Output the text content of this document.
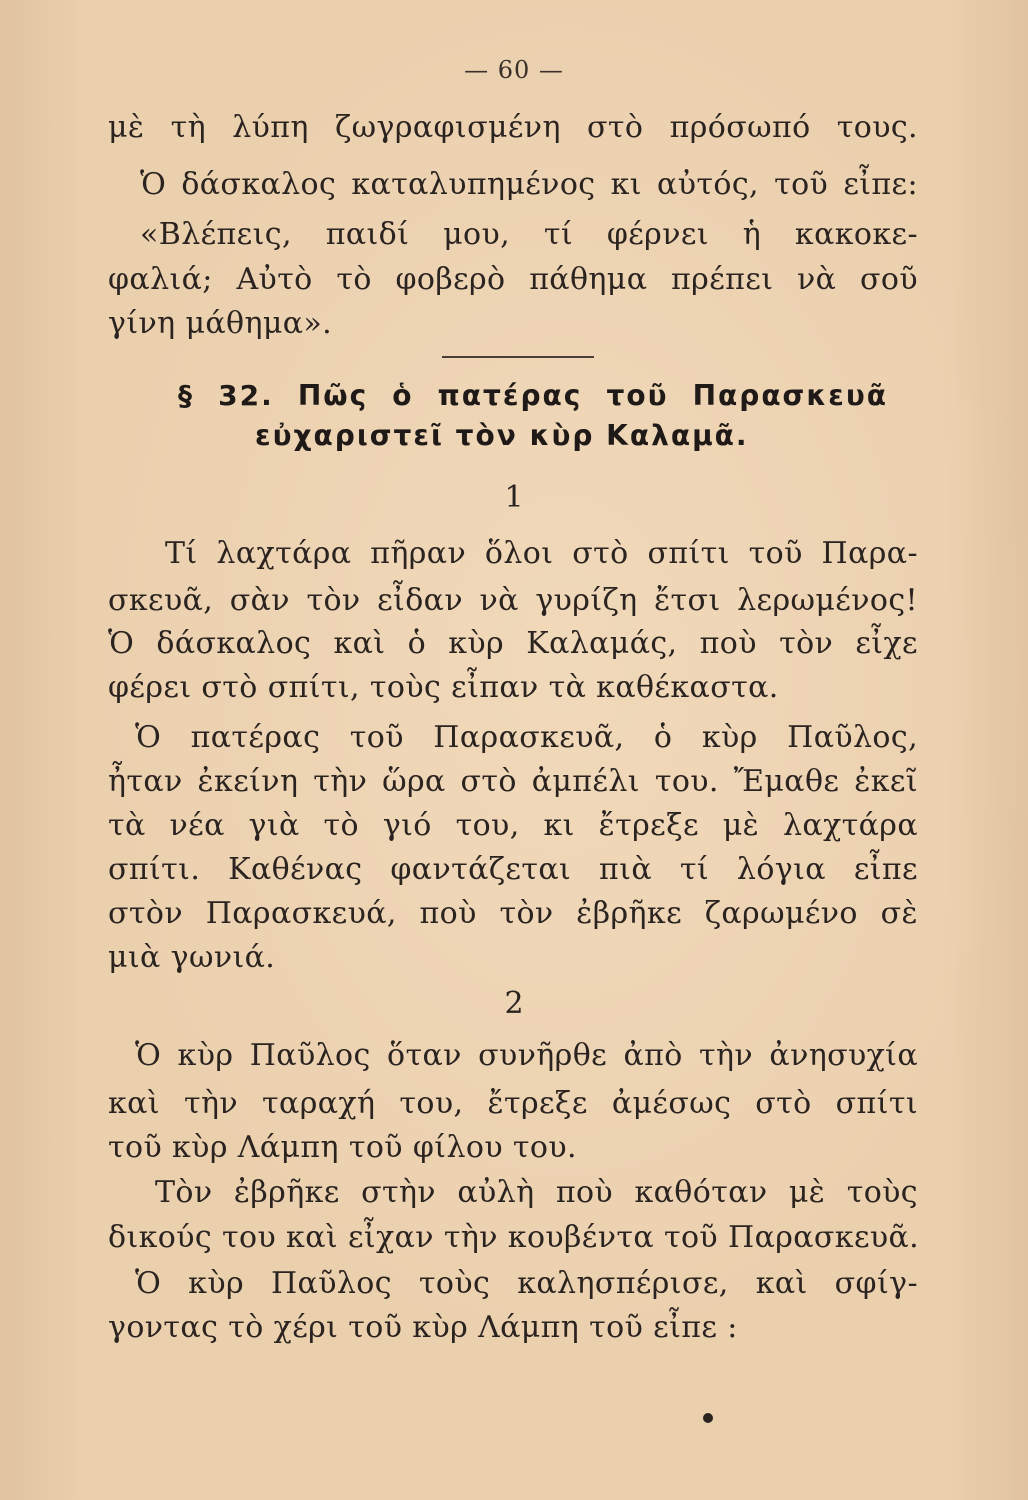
— 60 —
μὲ τὴ λύπη ζωγραφισμένη στὸ πρόσωπό τους.
Ὁ δάσκαλος καταλυπημένος κι αὐτός, τοῦ εἶπε:
«Βλέπεις, παιδί μου, τί φέρνει ἡ κακοκε-
φαλιά; Αὐτὸ τὸ φοβερὸ πάθημα πρέπει νὰ σοῦ
γίνη μάθημα».
§ 32. Πῶς ὁ πατέρας τοῦ Παρασκευᾶ
εὐχαριστεῖ τὸν κὺρ Καλαμᾶ.
1
Τί λαχτάρα πῆραν ὅλοι στὸ σπίτι τοῦ Παρα-
σκευᾶ, σὰν τὸν εἶδαν νὰ γυρίζη ἔτσι λερωμένος!
Ὁ δάσκαλος καὶ ὁ κὺρ Καλαμάς, ποὺ τὸν εἶχε
φέρει στὸ σπίτι, τοὺς εἶπαν τὰ καθέκαστα.
Ὁ πατέρας τοῦ Παρασκευᾶ, ὁ κὺρ Παῦλος,
ἦταν ἐκείνη τὴν ὥρα στὸ ἀμπέλι του. Ἔμαθε ἐκεῖ
τὰ νέα γιὰ τὸ γιό του, κι ἔτρεξε μὲ λαχτάρα
σπίτι. Καθένας φαντάζεται πιὰ τί λόγια εἶπε
στὸν Παρασκευά, ποὺ τὸν ἐβρῆκε ζαρωμένο σὲ
μιὰ γωνιά.
2
Ὁ κὺρ Παῦλος ὅταν συνῆρθε ἀπὸ τὴν ἀνησυχία
καὶ τὴν ταραχή του, ἔτρεξε ἀμέσως στὸ σπίτι
τοῦ κὺρ Λάμπη τοῦ φίλου του.
Τὸν ἐβρῆκε στὴν αὐλὴ ποὺ καθόταν μὲ τοὺς
δικούς του καὶ εἶχαν τὴν κουβέντα τοῦ Παρασκευᾶ.
Ὁ κὺρ Παῦλος τοὺς καλησπέρισε, καὶ σφίγ-
γοντας τὸ χέρι τοῦ κὺρ Λάμπη τοῦ εἶπε :
